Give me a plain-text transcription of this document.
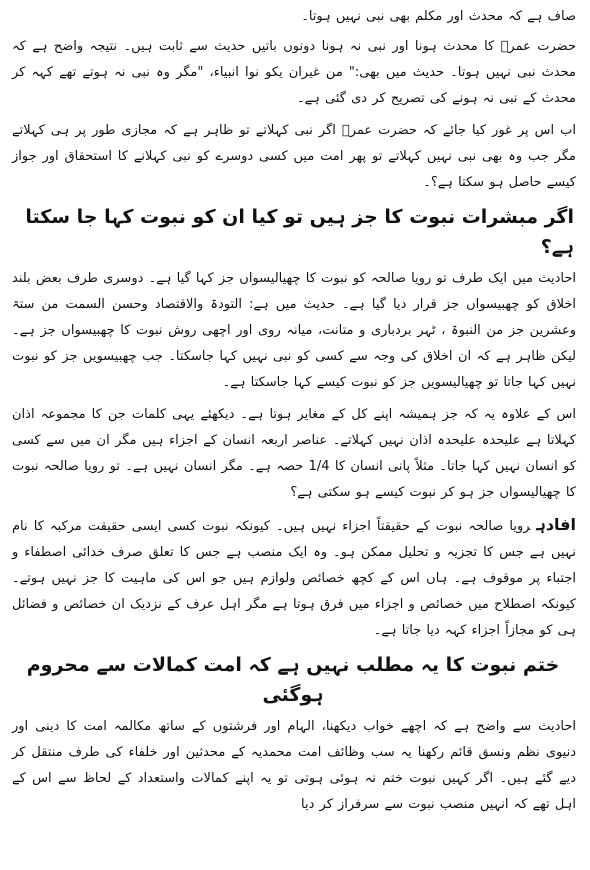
صاف ہے کہ محدث اور مکلم بھی نبی نہیں ہوتا۔

حضرت عمرؓ کا محدث ہونا اور نبی نہ ہونا دونوں باتیں حدیث سے ثابت ہیں۔ نتیجہ واضح ہے کہ محدث نبی نہیں ہوتا۔ حدیث میں بھی:" من غیران یکو نوا انبیاء، "مگر وہ نبی نہ ہوتے تھے کہہ کر محدث کے نبی نہ ہونے کی تصریح کر دی گئی ہے۔

اب اس پر غور کیا جائے کہ حضرت عمرؓ اگر نبی کہلاتے تو ظاہر ہے کہ مجازی طور پر ہی کہلاتے مگر جب وہ بھی نبی نہیں کہلاتے تو پھر امت میں کسی دوسرے کو نبی کہلانے کا استحقاق اور جواز کیسے حاصل ہو سکتا ہے؟۔

اگر مبشرات نبوت کا جز ہیں تو کیا ان کو نبوت کہا جا سکتا ہے؟

احادیث میں ایک طرف تو رویا صالحہ کو نبوت کا چھیالیسواں جز کہا گیا ہے۔ دوسری طرف بعض بلند اخلاق کو چھبیسواں جز قرار دیا گیا ہے۔ حدیث میں ہے: التودۃ والاقتصاد وحسن السمت من ستۃ وعشرین جز من النبوۃ ، ٹہر بردباری و متانت، میانہ روی اور اچھی روش نبوت کا چھبیسواں جز ہے۔ لیکن ظاہر ہے کہ ان اخلاق کی وجہ سے کسی کو نبی نہیں کہا جاسکتا۔ جب چھبیسویں جز کو نبوت نہیں کہا جاتا تو چھیالیسویں جز کو نبوت کیسے کہا جاسکتا ہے۔

اس کے علاوہ یہ کہ جز ہمیشہ اپنے کل کے مغایر ہوتا ہے۔ دیکھئے یہی کلمات جن کا مجموعہ اذان کہلاتا ہے علیحدہ علیحدہ اذان نہیں کہلاتے۔ عناصر اربعہ انسان کے اجزاء ہیں مگر ان میں سے کسی کو انسان نہیں کہا جاتا۔ مثلاً پانی انسان کا 1/4 حصہ ہے۔ مگر انسان نہیں ہے۔ تو رویا صالحہ نبوت کا چھیالیسواں جز ہو کر نبوت کیسے ہو سکتی ہے؟

افادہرویا صالحہ نبوت کے حقیقتاً اجزاء نہیں ہیں۔ کیونکہ نبوت کسی ایسی حقیقت مرکبہ کا نام نہیں ہے جس کا تجزیہ و تحلیل ممکن ہو۔ وہ ایک منصب ہے جس کا تعلق صرف خدائی اصطفاء و اجتباء پر موقوف ہے۔ ہاں اس کے کچھ خصائص ولوازم ہیں جو اس کی ماہیت کا جز نہیں ہوتے۔ کیونکہ اصطلاح میں خصائص و اجزاء میں فرق ہوتا ہے مگر اہل عرف کے نزدیک ان خصائص و فضائل ہی کو مجازاً اجزاء کہہ دیا جاتا ہے۔

ختم نبوت کا یہ مطلب نہیں ہے کہ امت کمالات سے محروم ہوگئی

احادیث سے واضح ہے کہ اچھے خواب دیکھنا، الہام اور فرشتوں کے ساتھ مکالمہ امت کا دینی اور دنیوی نظم ونسق قائم رکھنا یہ سب وظائف امت محمدیہ کے محدثین اور خلفاء کی طرف منتقل کر دیے گئے ہیں۔ اگر کہیں نبوت ختم نہ ہوئی ہوتی تو یہ اپنے کمالات واستعداد کے لحاظ سے اس کے اہل تھے کہ انہیں منصب نبوت سے سرفراز کر دیا
